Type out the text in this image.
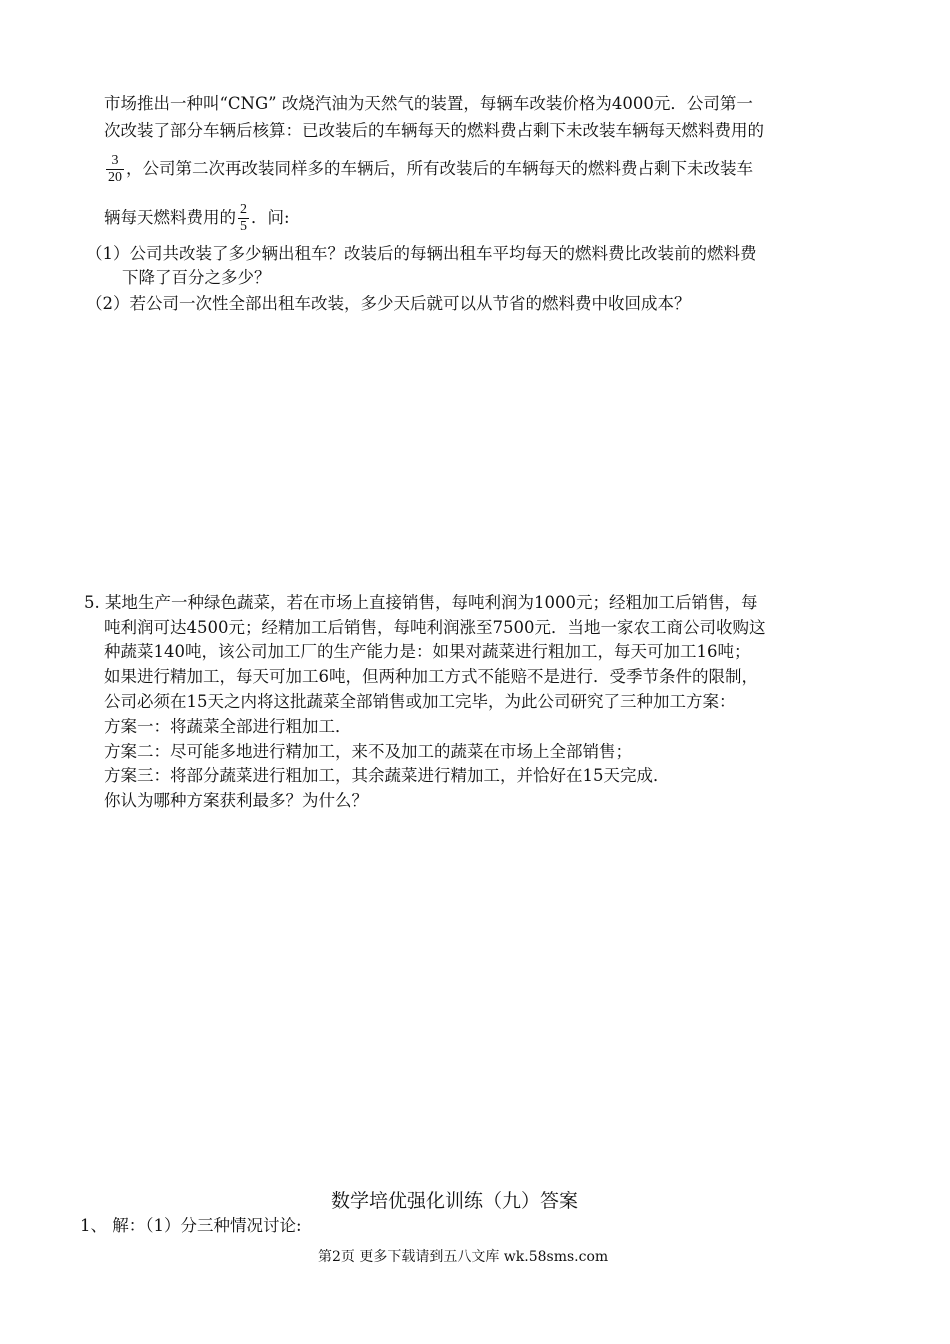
市场推出一种叫“CNG” 改烧汽油为天然气的装置，每辆车改装价格为4000元．公司第一
次改装了部分车辆后核算：已改装后的车辆每天的燃料费占剩下未改装车辆每天燃料费用的
$\frac{3}{20}$ ，公司第二次再改装同样多的车辆后，所有改装后的车辆每天的燃料费占剩下未改装车
辆每天燃料费用的 $\frac{2}{5}$ ．问:
（1）公司共改装了多少辆出租车？改装后的每辆出租车平均每天的燃料费比改装前的燃料费
下降了百分之多少？
（2）若公司一次性全部出租车改装，多少天后就可以从节省的燃料费中收回成本？
5. 某地生产一种绿色蔬菜，若在市场上直接销售，每吨利润为1000元；经粗加工后销售，每
吨利润可达4500元；经精加工后销售，每吨利润涨至7500元．当地一家农工商公司收购这
种蔬菜140吨，该公司加工厂的生产能力是：如果对蔬菜进行粗加工，每天可加工16吨；
如果进行精加工，每天可加工6吨，但两种加工方式不能赔不是进行．受季节条件的限制，
公司必须在15天之内将这批蔬菜全部销售或加工完毕，为此公司研究了三种加工方案：
方案一：将蔬菜全部进行粗加工．
方案二：尽可能多地进行精加工，来不及加工的蔬菜在市场上全部销售；
方案三：将部分蔬菜进行粗加工，其余蔬菜进行精加工，并恰好在15天完成．
你认为哪种方案获利最多？为什么？
数学培优强化训练（九）答案
1、 解：（1）分三种情况讨论:
第2页 更多下载请到五八文库 wk.58sms.com
